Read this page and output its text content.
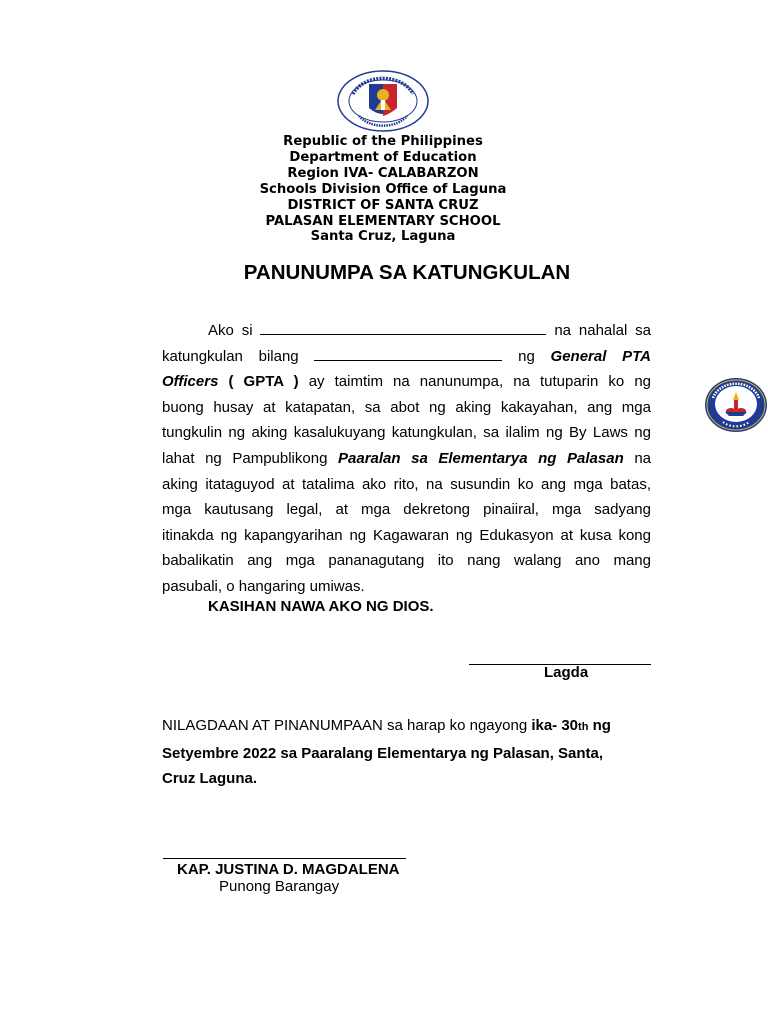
Republic of the Philippines
Department of Education
Region IVA- CALABARZON
Schools Division Office of Laguna
DISTRICT OF SANTA CRUZ
PALASAN ELEMENTARY SCHOOL
Santa Cruz, Laguna
PANUNUMPA SA KATUNGKULAN
Ako si	na nahalal sa
katungkulan bilang	ng General PTA
Officers ( GPTA ) ay taimtim na nanunumpa, na tutuparin ko ng
buong husay at katapatan, sa abot ng aking kakayahan, ang mga
tungkulin ng aking kasalukuyang katungkulan, sa ilalim ng By Laws ng
lahat ng Pampublikong Paaralan sa Elementarya ng Palasan na
aking itataguyod at tatalima ako rito, na susundin ko ang mga batas,
mga kautusang legal, at mga dekretong pinaiiral, mga sadyang
itinakda ng kapangyarihan ng Kagawaran ng Edukasyon at kusa kong
babalikatin ang mga pananagutang ito nang walang ano mang
pasubali, o hangaring umiwas.
KASIHAN NAWA AKO NG DIOS.
Lagda
NILAGDAAN AT PINANUMPAAN sa harap ko ngayong ika- 30th ng
Setyembre 2022 sa Paaralang Elementarya ng Palasan, Santa,
Cruz Laguna.
KAP. JUSTINA D. MAGDALENA
Punong Barangay
